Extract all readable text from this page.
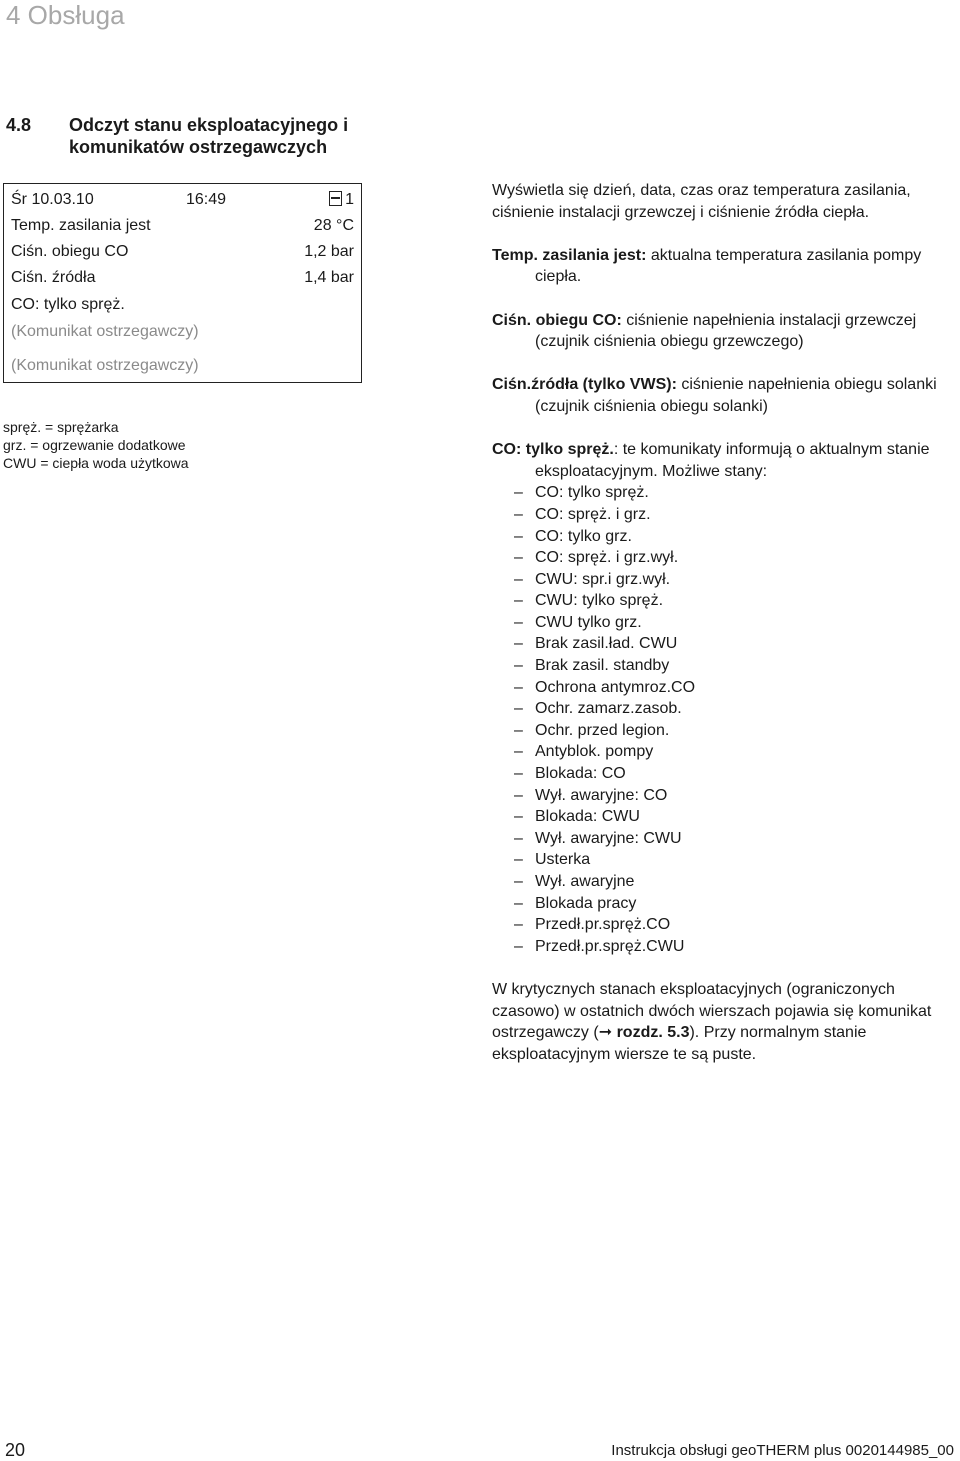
4 Obsługa
4.8 Odczyt stanu eksploatacyjnego i komunikatów ostrzegawczych
Śr 10.03.10	16:49	1
Temp. zasilania jest	28 °C
Ciśn. obiegu CO	1,2 bar
Ciśn. źródła	1,4 bar
CO: tylko spręż.
(Komunikat ostrzegawczy)
(Komunikat ostrzegawczy)
spręż. = sprężarka
grz. = ogrzewanie dodatkowe
CWU = ciepła woda użytkowa

Wyświetla się dzień, data, czas oraz temperatura zasilania, ciśnienie instalacji grzewczej i ciśnienie źródła ciepła.

Temp. zasilania jest: aktualna temperatura zasilania pompy ciepła.

Ciśn. obiegu CO: ciśnienie napełnienia instalacji grzewczej (czujnik ciśnienia obiegu grzewczego)

Ciśn.źródła (tylko VWS): ciśnienie napełnienia obiegu solanki (czujnik ciśnienia obiegu solanki)

CO: tylko spręż.: te komunikaty informują o aktualnym stanie eksploatacyjnym. Możliwe stany:

– CO: tylko spręż.
– CO: spręż. i grz.
– CO: tylko grz.
– CO: spręż. i grz.wył.
– CWU: spr.i grz.wył.
– CWU: tylko spręż.
– CWU tylko grz.
– Brak zasil.ład. CWU
– Brak zasil. standby
– Ochrona antymroz.CO
– Ochr. zamarz.zasob.
– Ochr. przed legion.
– Antyblok. pompy
– Blokada: CO
– Wył. awaryjne: CO
– Blokada: CWU
– Wył. awaryjne: CWU
– Usterka
– Wył. awaryjne
– Blokada pracy
– Przedł.pr.spręż.CO
– Przedł.pr.spręż.CWU

W krytycznych stanach eksploatacyjnych (ograniczonych czasowo) w ostatnich dwóch wierszach pojawia się komunikat ostrzegawczy (➞ rozdz. 5.3). Przy normalnym stanie eksploatacyjnym wiersze te są puste.

20	Instrukcja obsługi geoTHERM plus 0020144985_00
